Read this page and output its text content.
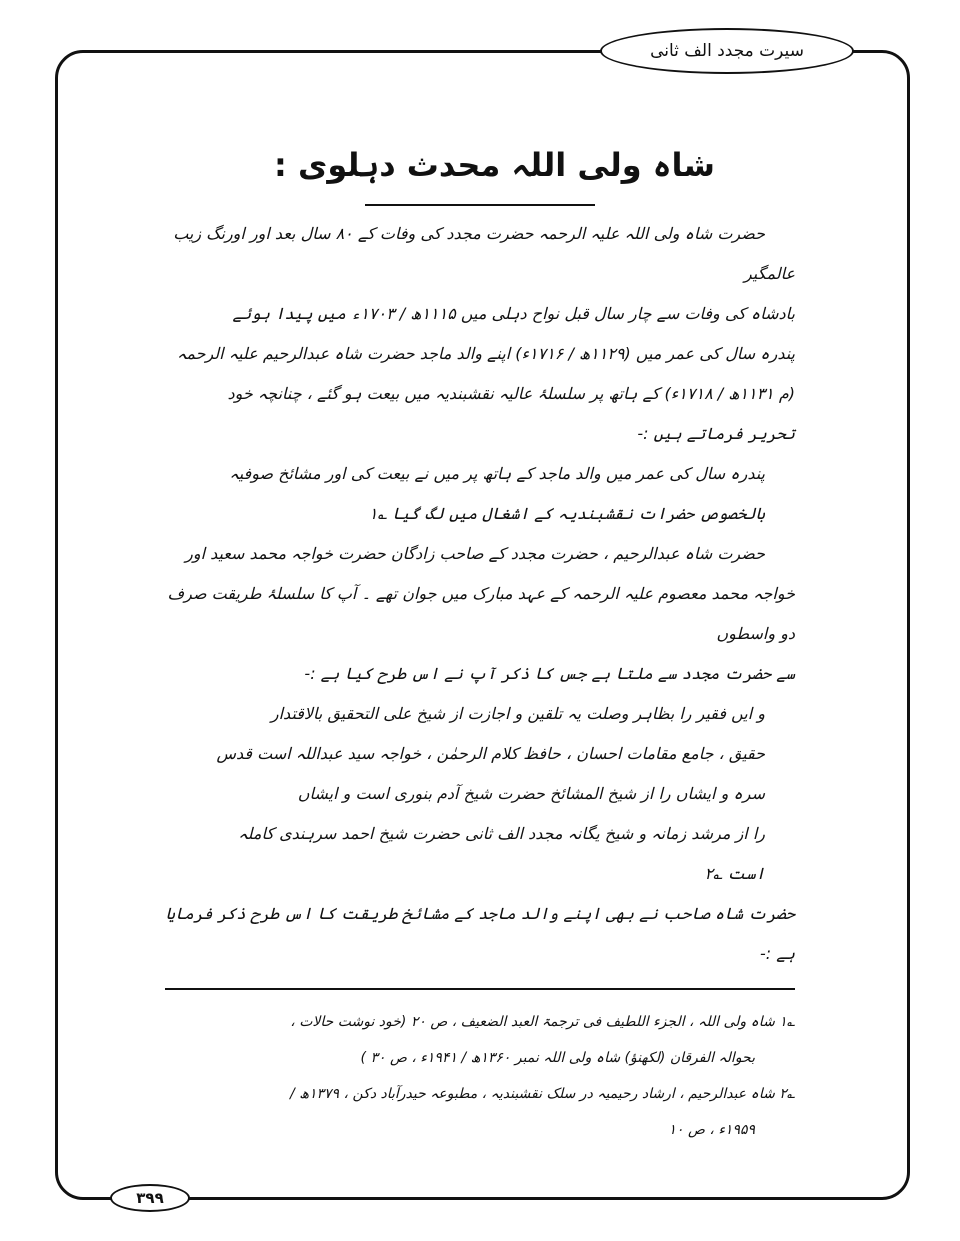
سیرت مجدد الف ثانی
شاہ ولی اللہ محدث دہلوی :
حضرت شاہ ولی اللہ علیہ الرحمہ حضرت مجدد کی وفات کے ۸۰ سال بعد اور اورنگ زیب عالمگیر
بادشاہ کی وفات سے چار سال قبل نواح دہلی میں ۱۱۱۵ھ / ۱۷۰۳ء میں پیدا ہوئے
پندرہ سال کی عمر میں (۱۱۲۹ھ / ۱۷۱۶ء) اپنے والد ماجد حضرت شاہ عبدالرحیم علیہ الرحمہ
(م ۱۱۳۱ھ / ۱۷۱۸ء) کے ہاتھ پر سلسلۂ عالیہ نقشبندیہ میں بیعت ہو گئے ، چنانچہ خود
تحریر فرماتے ہیں :-
پندرہ سال کی عمر میں والد ماجد کے ہاتھ پر میں نے بیعت کی اور مشائخ صوفیہ
بالخصوص حضرات نقشبندیہ کے اشغال میں لگ گیا ؎۱
حضرت شاہ عبدالرحیم ، حضرت مجدد کے صاحب زادگان حضرت خواجہ محمد سعید اور
خواجہ محمد معصوم علیہ الرحمہ کے عہد مبارک میں جوان تھے ۔ آپ کا سلسلۂ طریقت صرف دو واسطوں
سے حضرت مجدد سے ملتا ہے جس کا ذکر آپ نے اس طرح کیا ہے :-
و ایں فقیر را بظاہر وصلت یہ تلقین و اجازت از شیخ علی التحقیق بالاقتدار
حقیق ، جامع مقامات احسان ، حافظ کلام الرحمٰن ، خواجہ سید عبداللہ است قدس
سرہ و ایشاں را از شیخ المشائخ حضرت شیخ آدم بنوری است و ایشاں
را از مرشد زمانہ و شیخ یگانہ مجدد الف ثانی حضرت شیخ احمد سرہندی کاملہ
است ؎۲
حضرت شاہ صاحب نے بھی اپنے والد ماجد کے مشائخ طریقت کا اس طرح ذکر فرمایا ہے :-
؎۱ شاہ ولی اللہ ، الجزء اللطیف فی ترجمۃ العبد الضعیف ، ص ۲۰ (خود نوشت حالات ،
بحوالہ الفرقان (لکھنؤ) شاہ ولی اللہ نمبر ۱۳۶۰ھ / ۱۹۴۱ء ، ص ۳۰ )
؎۲ شاہ عبدالرحیم ، ارشاد رحیمیہ در سلک نقشبندیہ ، مطبوعہ حیدرآباد دکن ، ۱۳۷۹ھ /
۱۹۵۹ء ، ص ۱۰
۳۹۹
